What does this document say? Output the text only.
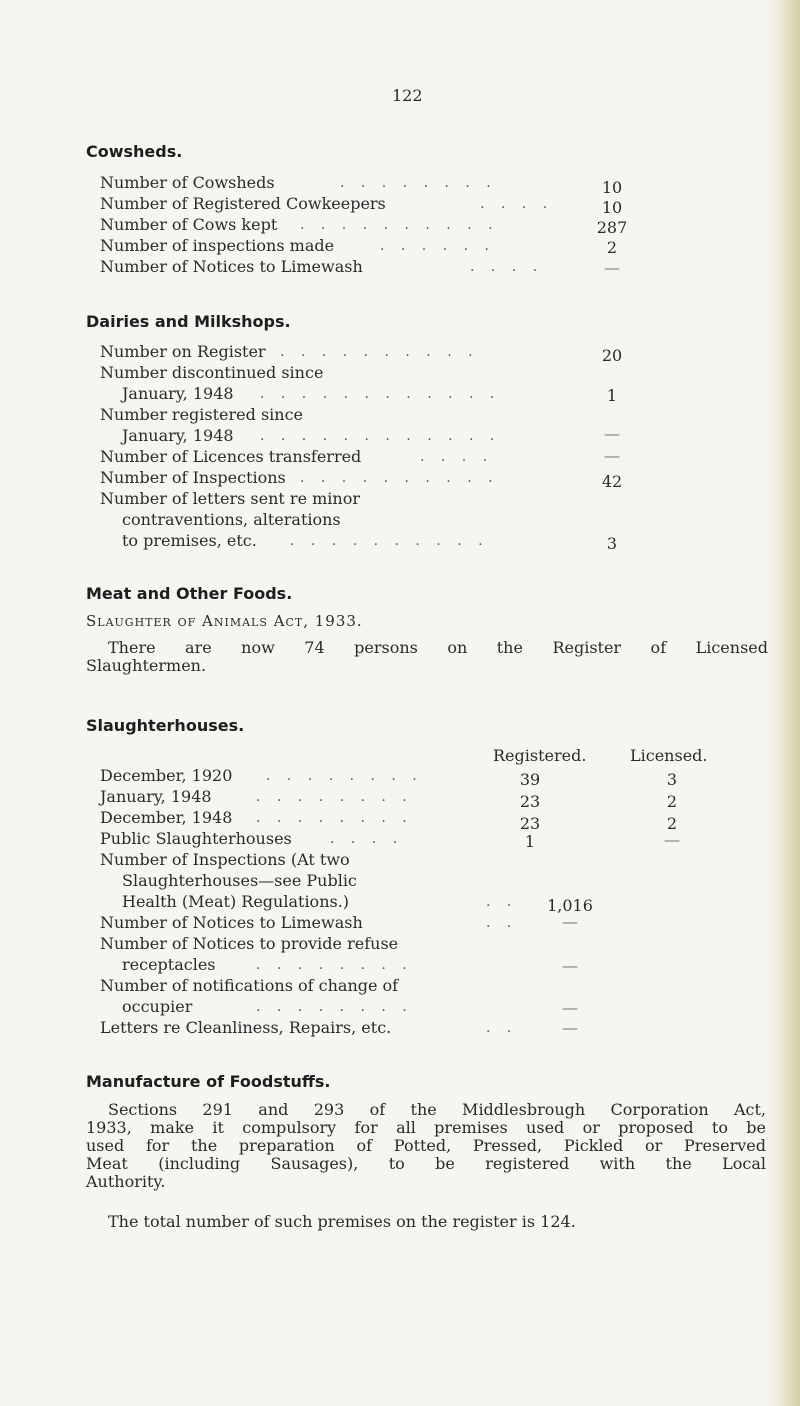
122
Cowsheds.
Number of Cowsheds	. . . . . . . .	10
Number of Registered Cowkeepers	. . . .	10
Number of Cows kept . . . . . . . . . .	287
Number of inspections made	. . . . . .	2
Number of Notices to Limewash	. . . .	—
Dairies and Milkshops.
Number on Register . . . . . . . . . .	20
Number discontinued since
January, 1948 . . . . . . . . . . . .	1
Number registered since
January, 1948 . . . . . . . . . . . .	—
Number of Licences transferred	. . . .	—
Number of Inspections . . . . . . . . . .	42
Number of letters sent re minor
contraventions, alterations
to premises, etc. . . . . . . . . . .	3
Meat and Other Foods.
Slaughter of Animals Act, 1933.
There are now 74 persons on the Register of Licensed
Slaughtermen.
Slaughterhouses.
Registered.	Licensed.
December, 1920 . . . . . . . .	39	3
January, 1948	. . . . . . . .	23	2
December, 1948 . . . . . . . .	23	2
Public Slaughterhouses	. . . .	1	—
Number of Inspections (At two
Slaughterhouses—see Public
Health (Meat) Regulations.)	. .	1,016
Number of Notices to Limewash	. .	—
Number of Notices to provide refuse
receptacles	. . . . . . . .	—
Number of notifications of change of
occupier	. . . . . . . .	—
Letters re Cleanliness, Repairs, etc.	. .	—
Manufacture of Foodstuffs.
Sections 291 and 293 of the Middlesbrough Corporation Act,
1933, make it compulsory for all premises used or proposed to be
used for the preparation of Potted, Pressed, Pickled or Preserved
Meat (including Sausages), to be registered with the Local
Authority.
The total number of such premises on the register is 124.
